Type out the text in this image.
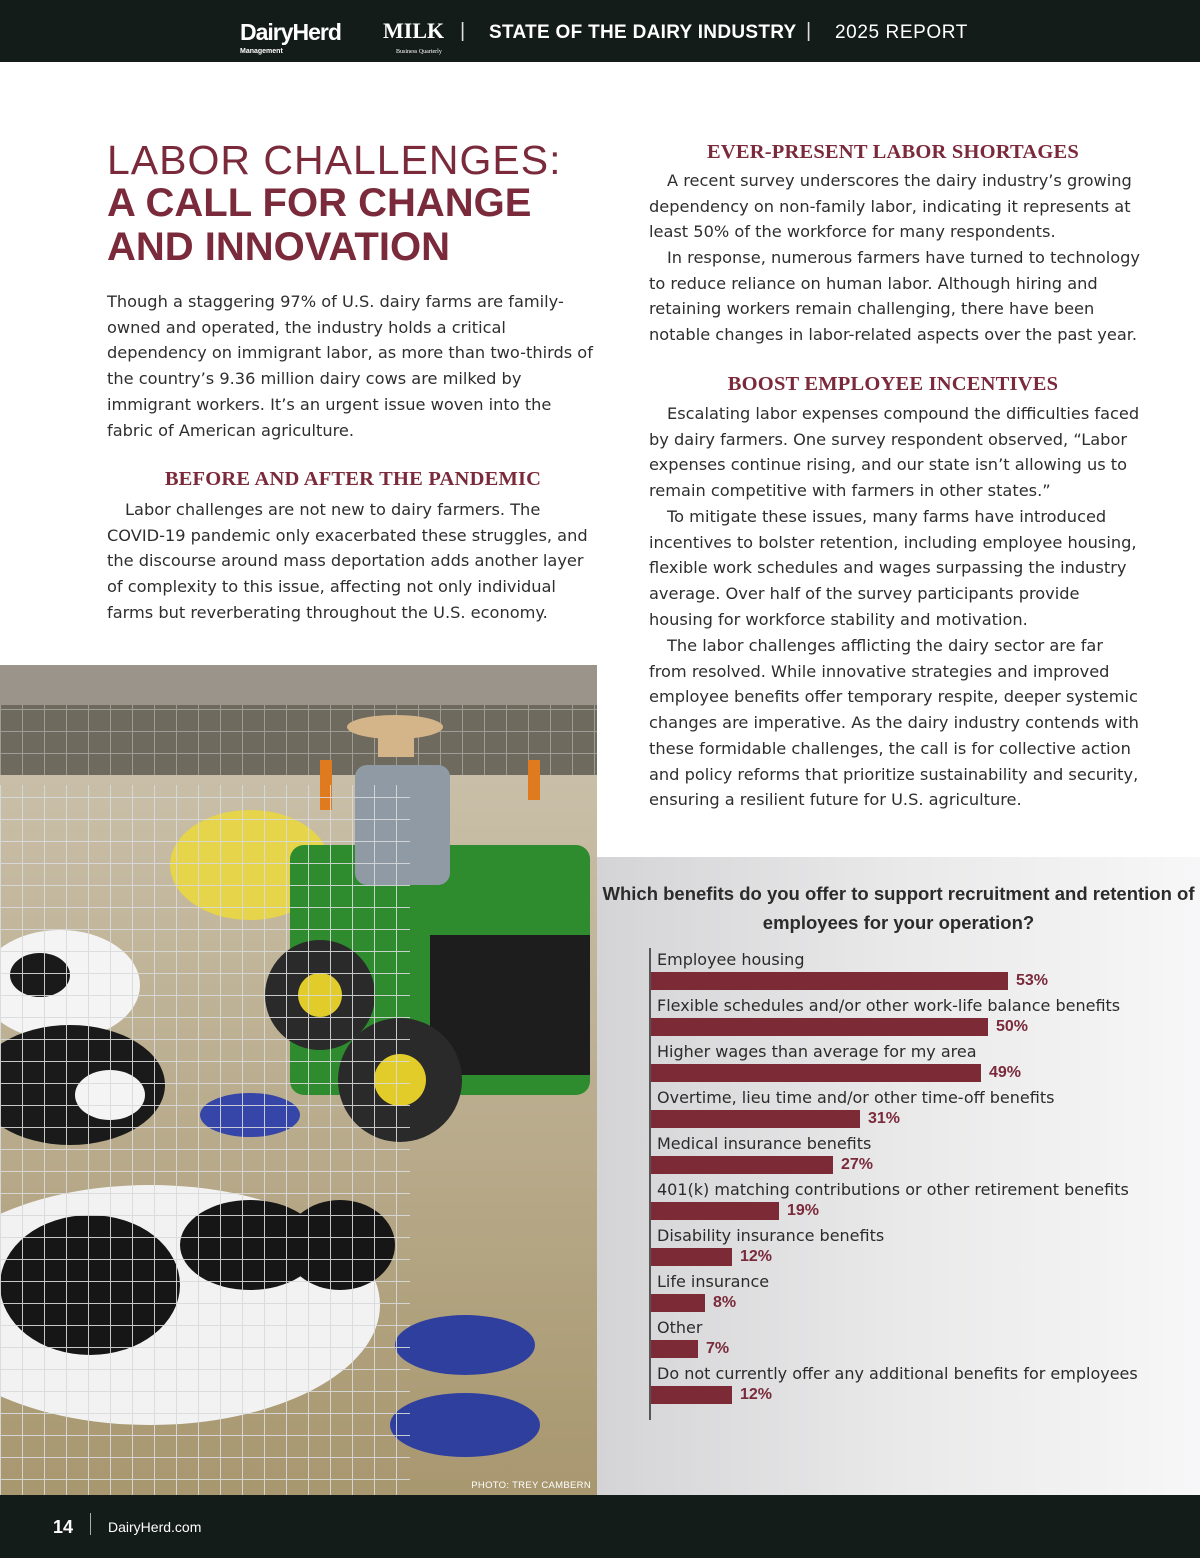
DairyHerd
Management
MILK
Business Quarterly
| STATE OF THE DAIRY INDUSTRY | 2025 REPORT
LABOR CHALLENGES:
A CALL FOR CHANGE AND INNOVATION

Though a staggering 97% of U.S. dairy farms are family-owned and operated, the industry holds a critical dependency on immigrant labor, as more than two-thirds of the country’s 9.36 million dairy cows are milked by immigrant workers. It’s an urgent issue woven into the fabric of American agriculture.

BEFORE AND AFTER THE PANDEMIC

Labor challenges are not new to dairy farmers. The COVID-19 pandemic only exacerbated these struggles, and the discourse around mass deportation adds another layer of complexity to this issue, affecting not only individual farms but reverberating throughout the U.S. economy.

EVER-PRESENT LABOR SHORTAGES

A recent survey underscores the dairy industry’s growing dependency on non-family labor, indicating it represents at least 50% of the workforce for many respondents.

In response, numerous farmers have turned to technology to reduce reliance on human labor. Although hiring and retaining workers remain challenging, there have been notable changes in labor-related aspects over the past year.

BOOST EMPLOYEE INCENTIVES

Escalating labor expenses compound the difficulties faced by dairy farmers. One survey respondent observed, “Labor expenses continue rising, and our state isn’t allowing us to remain competitive with farmers in other states.”

To mitigate these issues, many farms have introduced incentives to bolster retention, including employee housing, flexible work schedules and wages surpassing the industry average. Over half of the survey participants provide housing for workforce stability and motivation.

The labor challenges afflicting the dairy sector are far from resolved. While innovative strategies and improved employee benefits offer temporary respite, deeper systemic changes are imperative. As the dairy industry contends with these formidable challenges, the call is for collective action and policy reforms that prioritize sustainability and security, ensuring a resilient future for U.S. agriculture.

PHOTO: TREY CAMBERN
Which benefits do you offer to support recruitment and retention of employees for your operation?
Employee housing
53%
Flexible schedules and/or other work-life balance benefits
50%
Higher wages than average for my area
49%
Overtime, lieu time and/or other time-off benefits
31%
Medical insurance benefits
27%
401(k) matching contributions or other retirement benefits
19%
Disability insurance benefits
12%
Life insurance
8%
Other
7%
Do not currently offer any additional benefits for employees
12%
14 DairyHerd.com
